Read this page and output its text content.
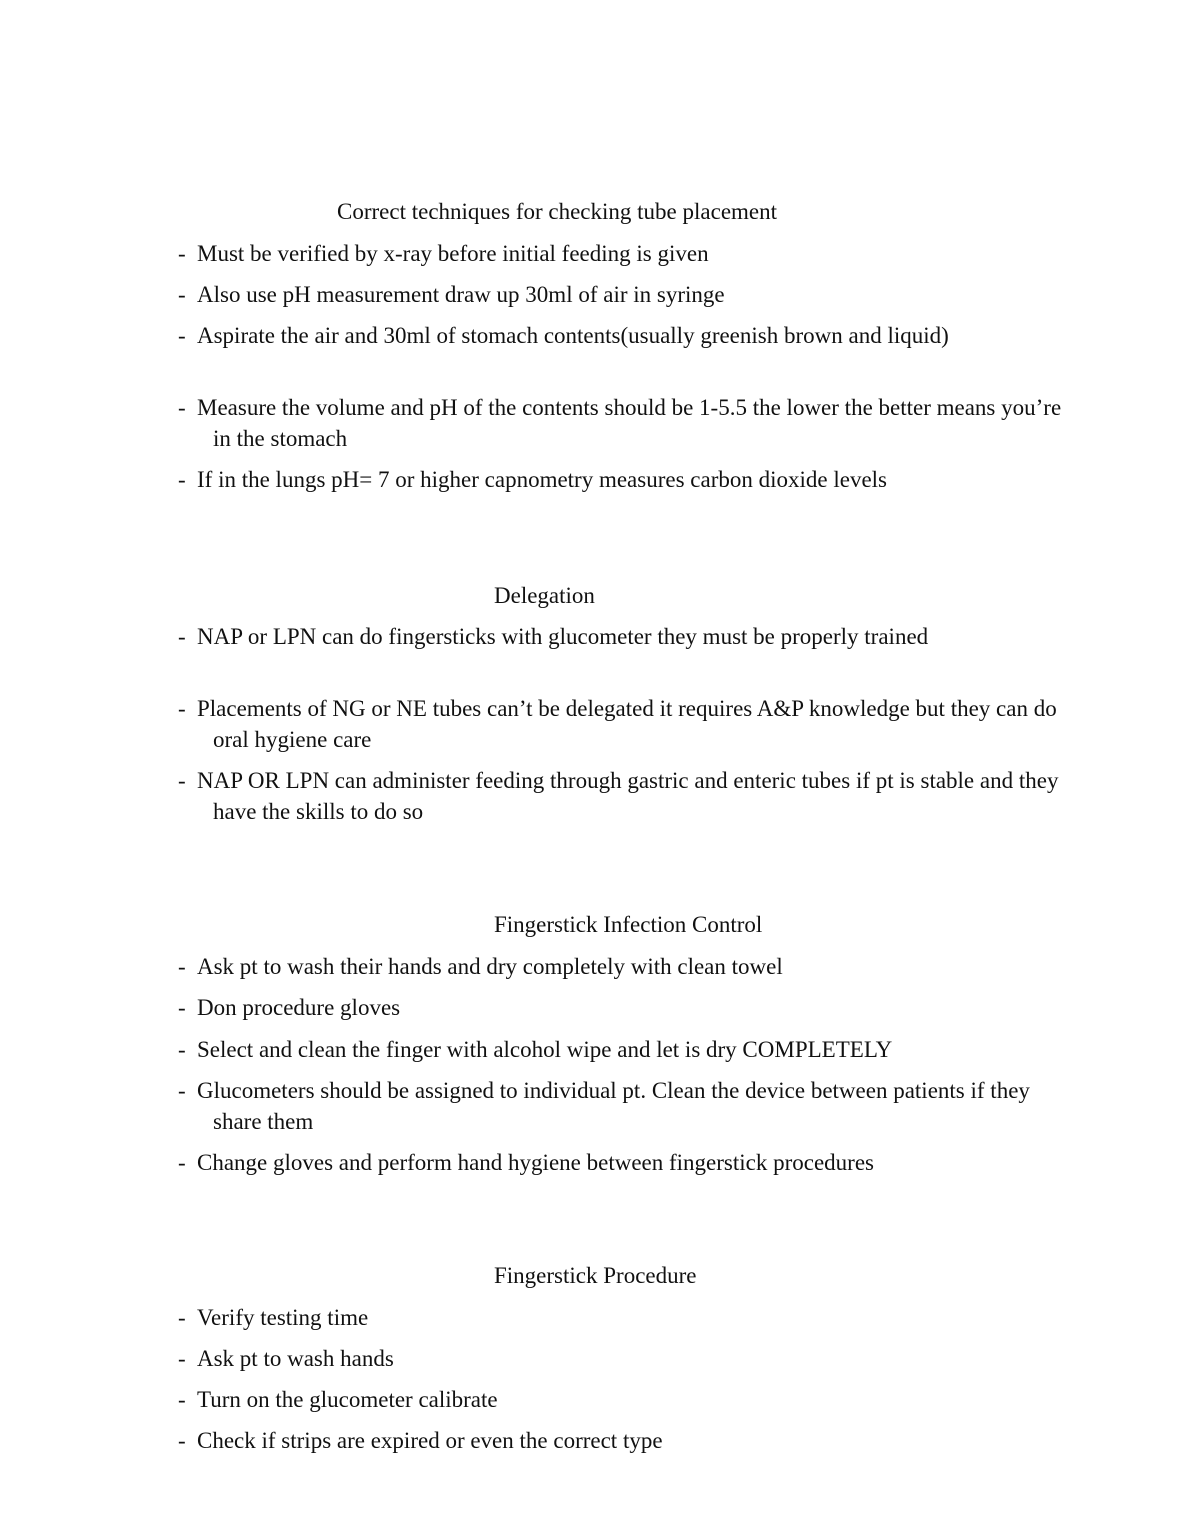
Correct techniques for checking tube placement
- Must be verified by x-ray before initial feeding is given
- Also use pH measurement draw up 30ml of air in syringe
- Aspirate the air and 30ml of stomach contents(usually greenish brown and liquid)
- Measure the volume and pH of the contents should be 1-5.5 the lower the better means you’re in the stomach
- If in the lungs pH= 7 or higher capnometry measures carbon dioxide levels
Delegation
- NAP or LPN can do fingersticks with glucometer they must be properly trained
- Placements of NG or NE tubes can’t be delegated it requires A&P knowledge but they can do oral hygiene care
- NAP OR LPN can administer feeding through gastric and enteric tubes if pt is stable and they have the skills to do so
Fingerstick Infection Control
- Ask pt to wash their hands and dry completely with clean towel
- Don procedure gloves
- Select and clean the finger with alcohol wipe and let is dry COMPLETELY
- Glucometers should be assigned to individual pt. Clean the device between patients if they share them
- Change gloves and perform hand hygiene between fingerstick procedures
Fingerstick Procedure
- Verify testing time
- Ask pt to wash hands
- Turn on the glucometer calibrate
- Check if strips are expired or even the correct type
